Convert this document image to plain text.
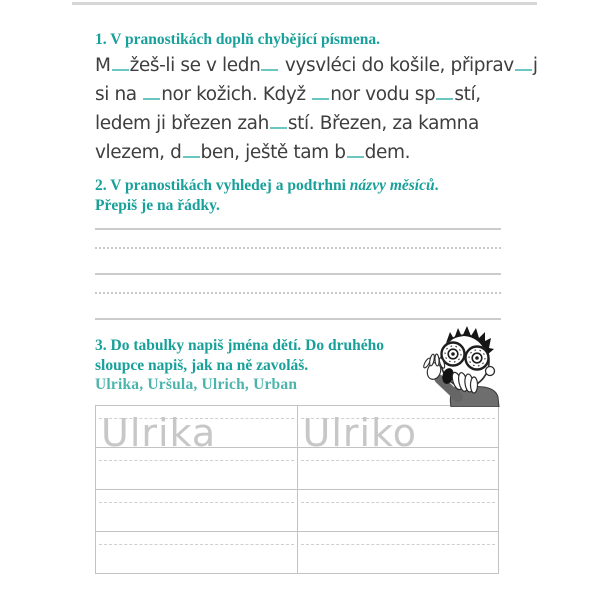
1. V pranostikách doplň chybějící písmena.
M žeš-li se v ledn vysvléci do košile, připrav j
si na nor kožich. Když nor vodu sp stí,
ledem ji březen zah stí. Březen, za kamna
vlezem, d ben, ještě tam b dem.
2. V pranostikách vyhledej a podtrhni názvy měsíců.
Přepiš je na řádky.
3. Do tabulky napiš jména dětí. Do druhého
sloupce napiš, jak na ně zavoláš.
Ulrika, Uršula, Ulrich, Urban
Ulrika Ulriko
